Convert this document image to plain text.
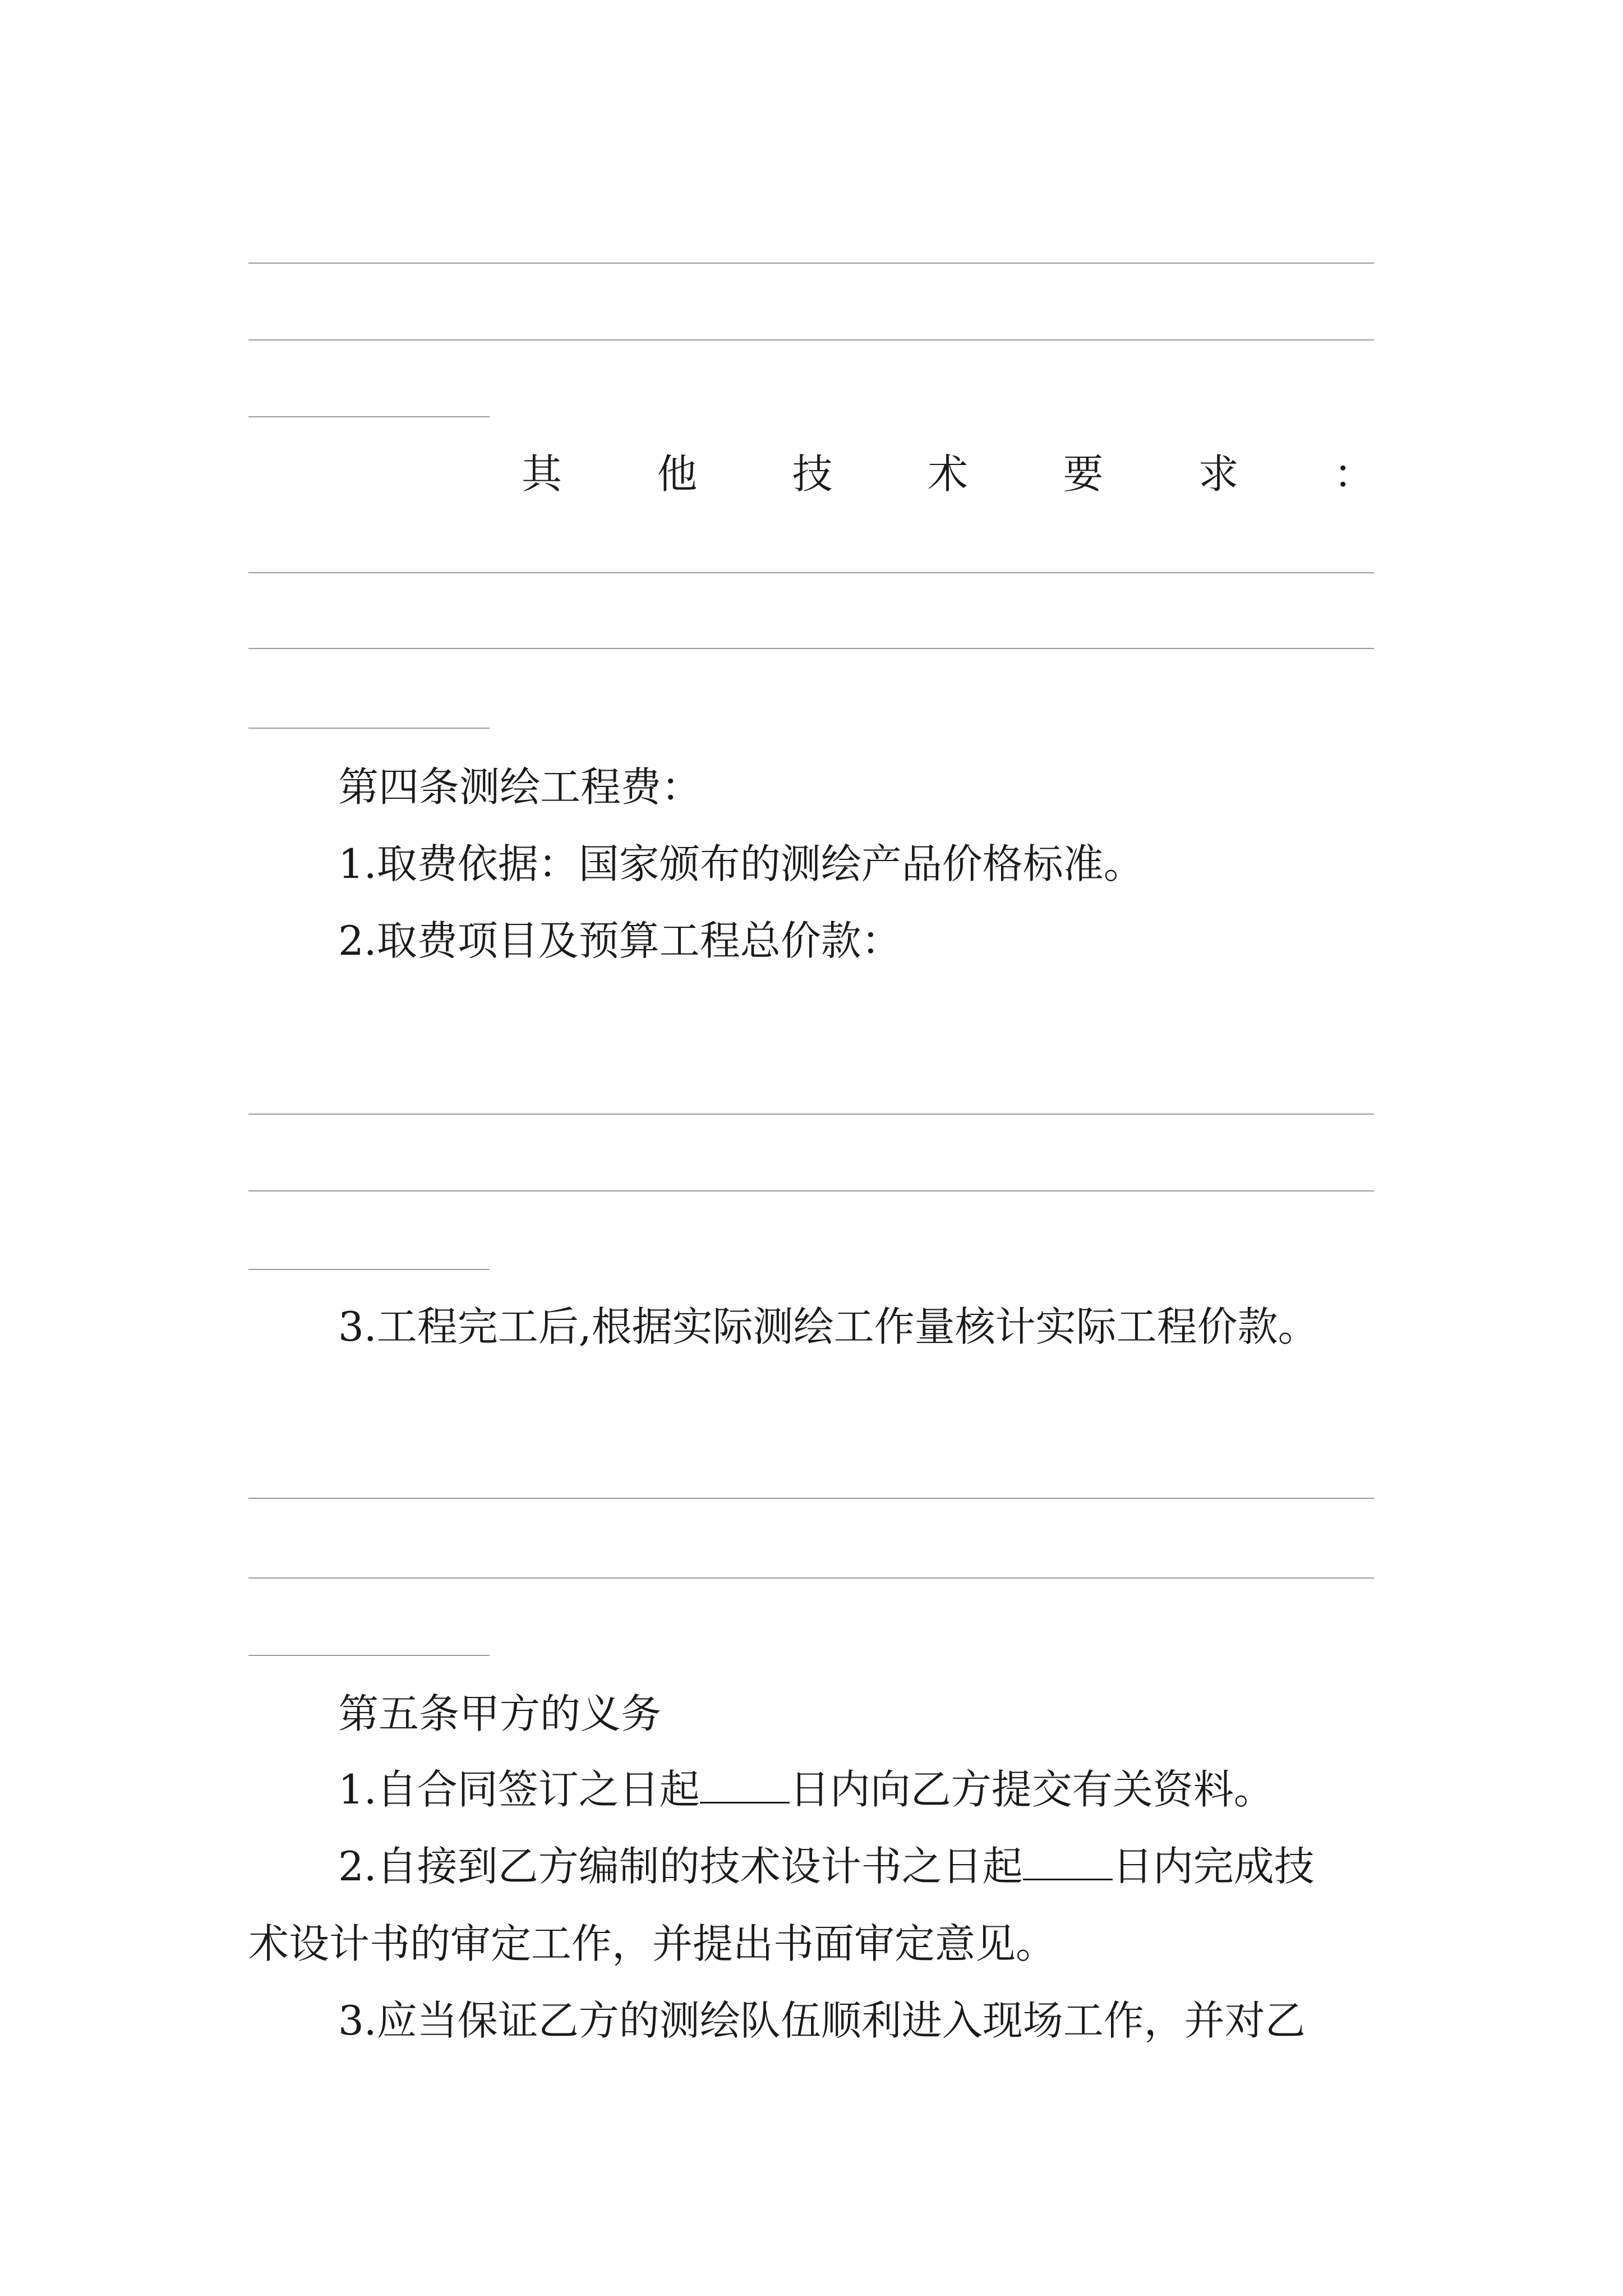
其 他 技 术 要 求 ：
第四条测绘工程费：
1.取费依据：国家颁布的测绘产品价格标准。
2.取费项目及预算工程总价款：
3.工程完工后,根据实际测绘工作量核计实际工程价款。
第五条甲方的义务
1.自合同签订之日起 日内向乙方提交有关资料。
2.自接到乙方编制的技术设计书之日起 日内完成技
术设计书的审定工作，并提出书面审定意见。
3.应当保证乙方的测绘队伍顺利进入现场工作，并对乙
